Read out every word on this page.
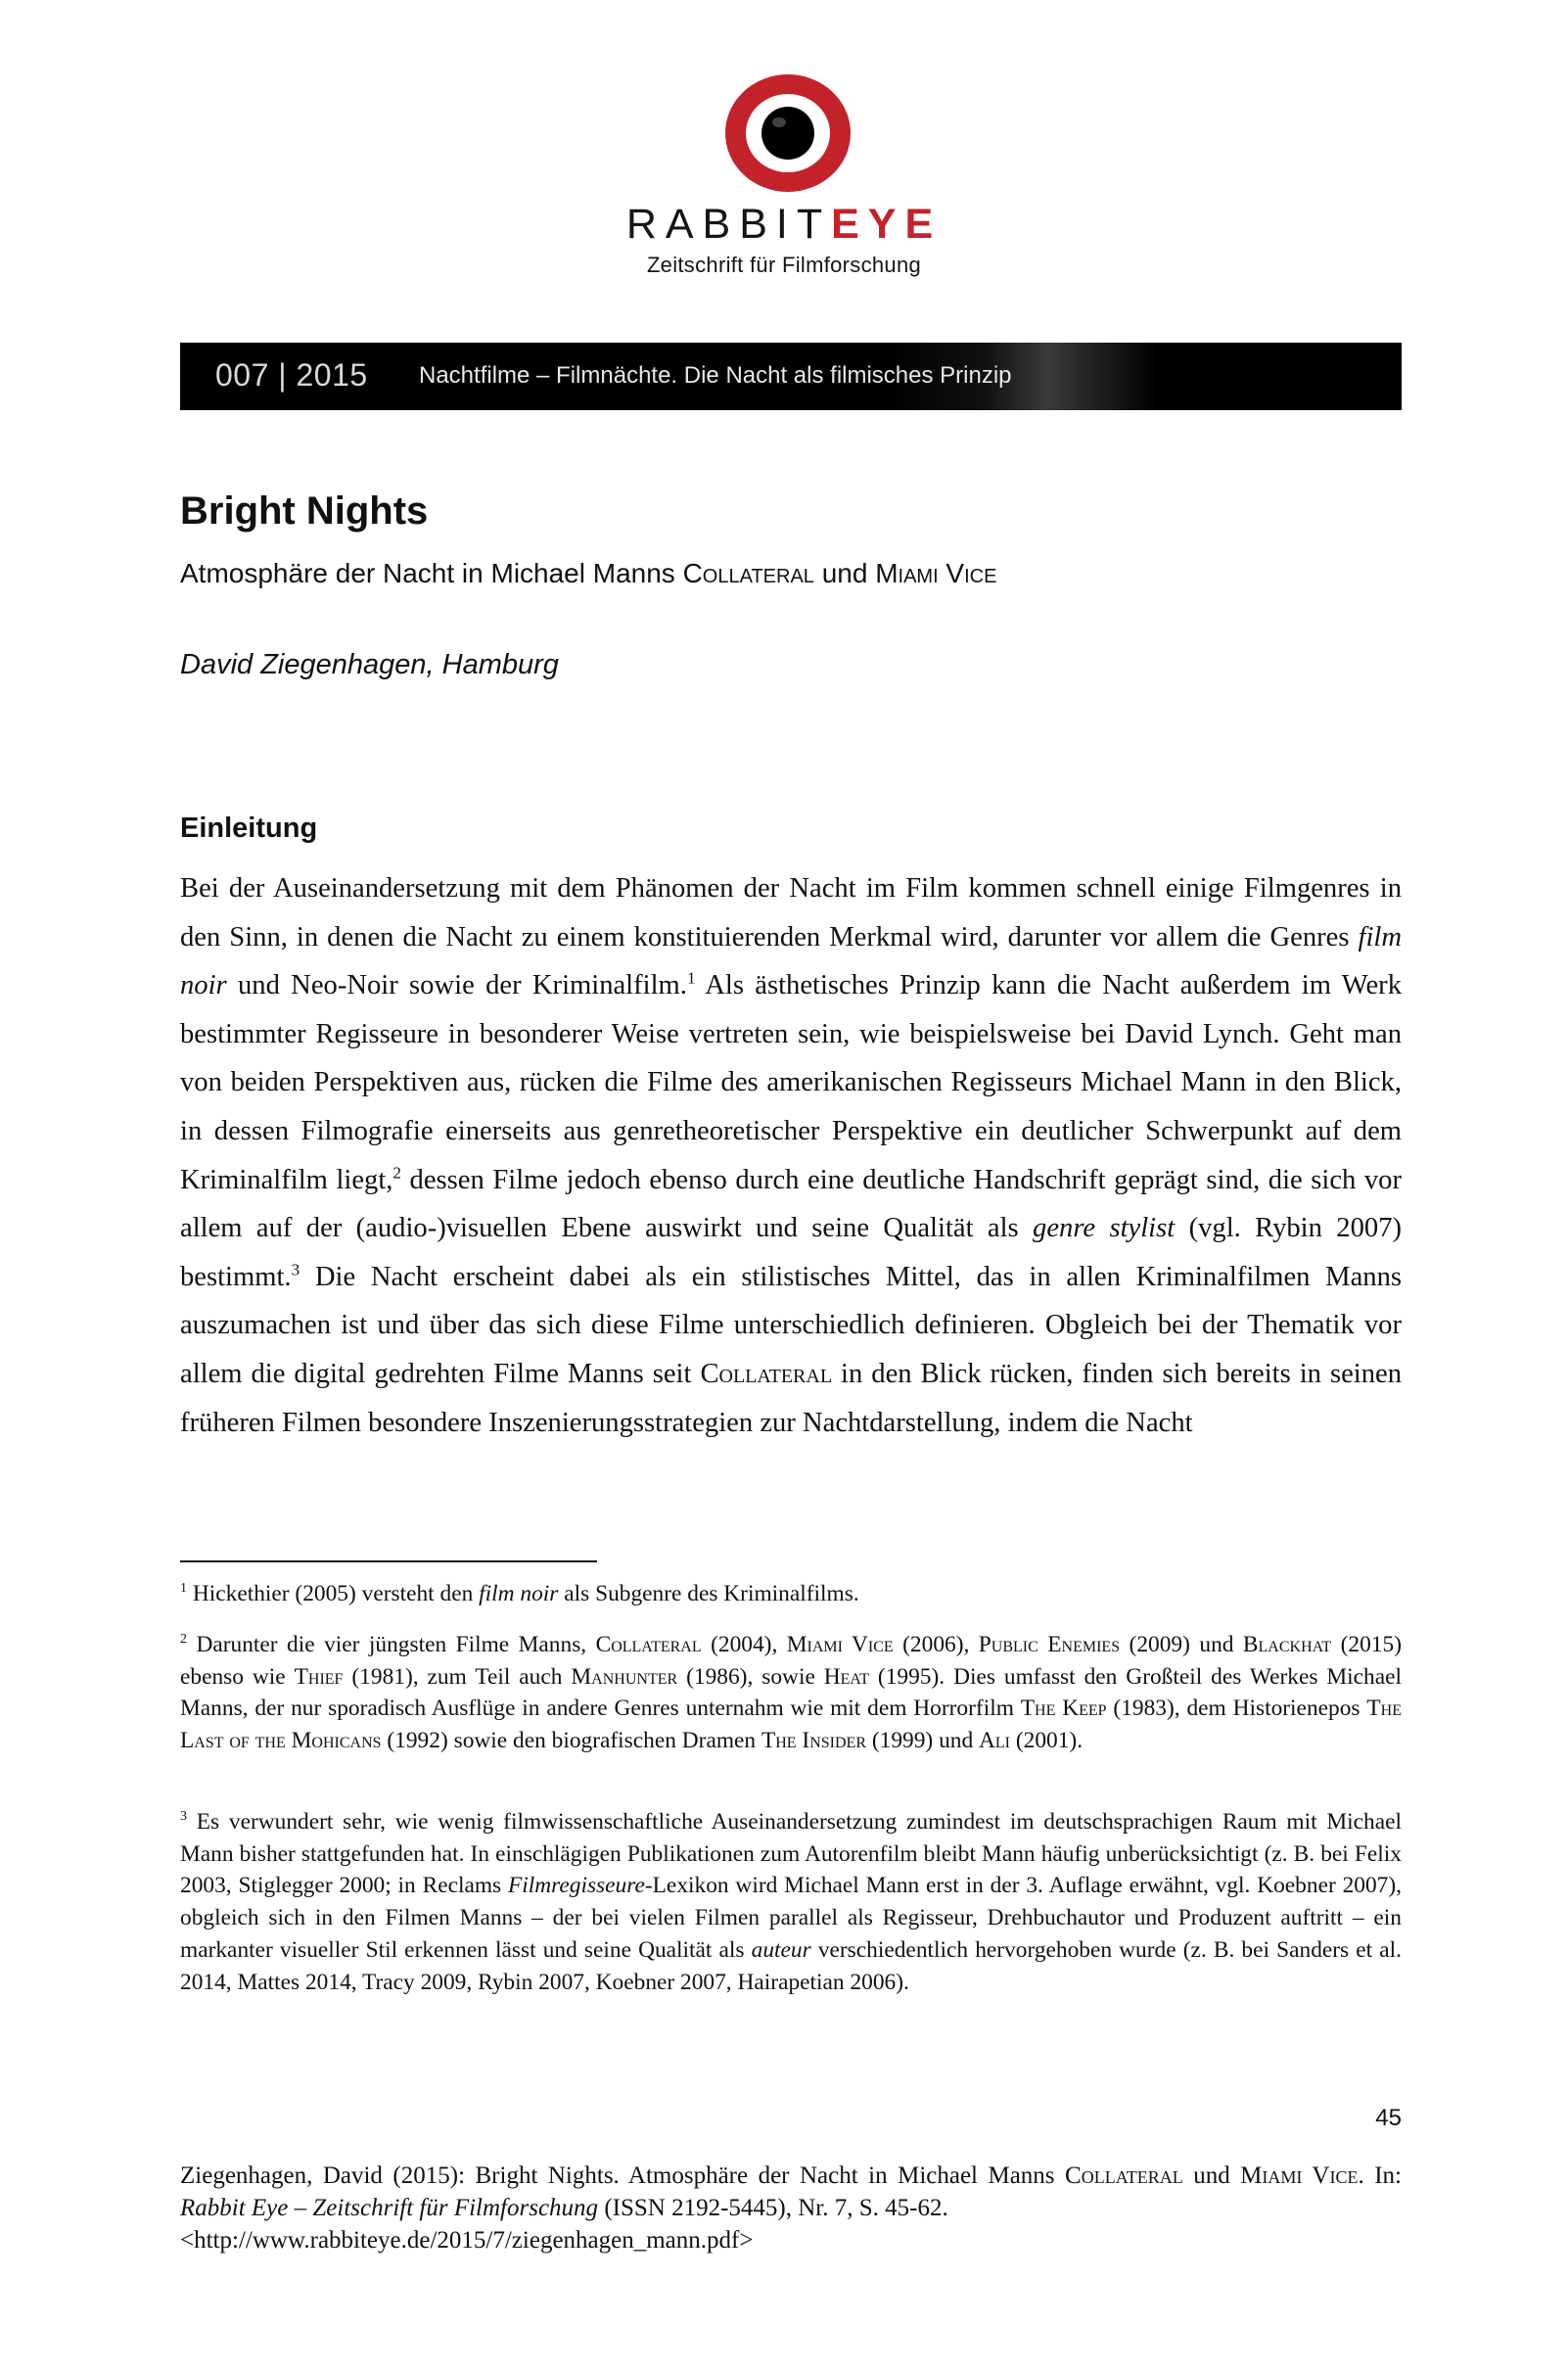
RABBITEYE
Zeitschrift für Filmforschung
007 | 2015 Nachtfilme – Filmnächte. Die Nacht als filmisches Prinzip
Bright Nights
Atmosphäre der Nacht in Michael Manns Collateral und Miami Vice
David Ziegenhagen, Hamburg
Einleitung

Bei der Auseinandersetzung mit dem Phänomen der Nacht im Film kommen schnell einige Filmgenres in den Sinn, in denen die Nacht zu einem konstituierenden Merkmal wird, darunter vor allem die Genres film noir und Neo-Noir sowie der Kriminalfilm.$^1$ Als ästhetisches Prinzip kann die Nacht außerdem im Werk bestimmter Regisseure in besonderer Weise vertreten sein, wie beispielsweise bei David Lynch. Geht man von beiden Perspektiven aus, rücken die Filme des amerikanischen Regisseurs Michael Mann in den Blick, in dessen Filmografie einerseits aus genretheoretischer Perspektive ein deutlicher Schwerpunkt auf dem Kriminalfilm liegt,$^2$ dessen Filme jedoch ebenso durch eine deutliche Handschrift geprägt sind, die sich vor allem auf der (audio-)visuellen Ebene auswirkt und seine Qualität als genre stylist (vgl. Rybin 2007) bestimmt.$^3$ Die Nacht erscheint dabei als ein stilistisches Mittel, das in allen Kriminalfilmen Manns auszumachen ist und über das sich diese Filme unterschiedlich definieren. Obgleich bei der Thematik vor allem die digital gedrehten Filme Manns seit Collateral in den Blick rücken, finden sich bereits in seinen früheren Filmen besondere Inszenierungsstrategien zur Nachtdarstellung, indem die Nacht

$^1$ Hickethier (2005) versteht den film noir als Subgenre des Kriminalfilms.

$^2$ Darunter die vier jüngsten Filme Manns, Collateral (2004), Miami Vice (2006), Public Enemies (2009) und Blackhat (2015) ebenso wie Thief (1981), zum Teil auch Manhunter (1986), sowie Heat (1995). Dies umfasst den Großteil des Werkes Michael Manns, der nur sporadisch Ausflüge in andere Genres unternahm wie mit dem Horrorfilm The Keep (1983), dem Historienepos The Last of the Mohicans (1992) sowie den biografischen Dramen The Insider (1999) und Ali (2001).

$^3$ Es verwundert sehr, wie wenig filmwissenschaftliche Auseinandersetzung zumindest im deutschsprachigen Raum mit Michael Mann bisher stattgefunden hat. In einschlägigen Publikationen zum Autorenfilm bleibt Mann häufig unberücksichtigt (z. B. bei Felix 2003, Stiglegger 2000; in Reclams Filmregisseure-Lexikon wird Michael Mann erst in der 3. Auflage erwähnt, vgl. Koebner 2007), obgleich sich in den Filmen Manns – der bei vielen Filmen parallel als Regisseur, Drehbuchautor und Produzent auftritt – ein markanter visueller Stil erkennen lässt und seine Qualität als auteur verschiedentlich hervorgehoben wurde (z. B. bei Sanders et al. 2014, Mattes 2014, Tracy 2009, Rybin 2007, Koebner 2007, Hairapetian 2006).

45

Ziegenhagen, David (2015): Bright Nights. Atmosphäre der Nacht in Michael Manns Collateral und Miami Vice. In: Rabbit Eye – Zeitschrift für Filmforschung (ISSN 2192-5445), Nr. 7, S. 45-62.

<http://www.rabbiteye.de/2015/7/ziegenhagen_mann.pdf>
